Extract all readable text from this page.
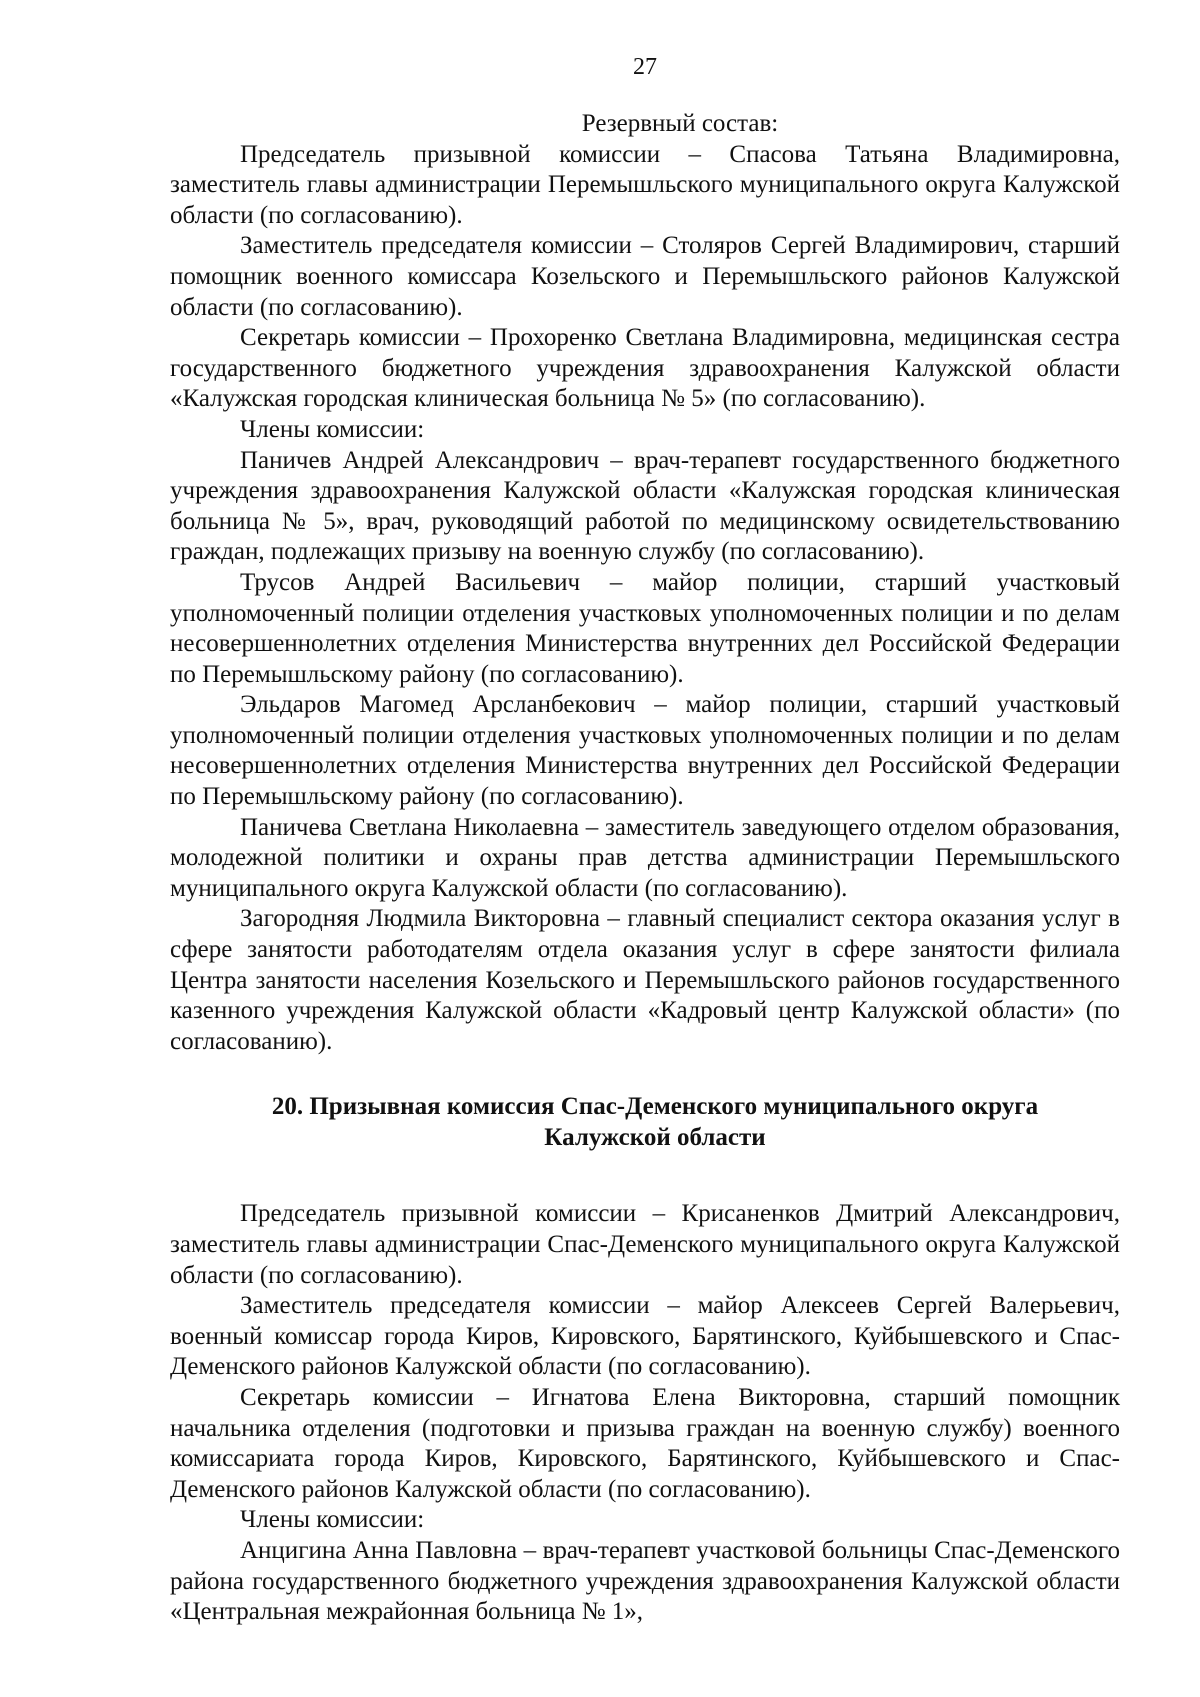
27

Резервный состав:

Председатель призывной комиссии – Спасова Татьяна Владимировна, заместитель главы администрации Перемышльского муниципального округа Калужской области (по согласованию).

Заместитель председателя комиссии – Столяров Сергей Владимирович, старший помощник военного комиссара Козельского и Перемышльского районов Калужской области (по согласованию).

Секретарь комиссии – Прохоренко Светлана Владимировна, медицинская сестра государственного бюджетного учреждения здравоохранения Калужской области «Калужская городская клиническая больница № 5» (по согласованию).

Члены комиссии:

Паничев Андрей Александрович – врач-терапевт государственного бюджетного учреждения здравоохранения Калужской области «Калужская городская клиническая больница № 5», врач, руководящий работой по медицинскому освидетельствованию граждан, подлежащих призыву на военную службу (по согласованию).

Трусов Андрей Васильевич – майор полиции, старший участковый уполномоченный полиции отделения участковых уполномоченных полиции и по делам несовершеннолетних отделения Министерства внутренних дел Российской Федерации по Перемышльскому району (по согласованию).

Эльдаров Магомед Арсланбекович – майор полиции, старший участковый уполномоченный полиции отделения участковых уполномоченных полиции и по делам несовершеннолетних отделения Министерства внутренних дел Российской Федерации по Перемышльскому району (по согласованию).

Паничева Светлана Николаевна – заместитель заведующего отделом образования, молодежной политики и охраны прав детства администрации Перемышльского муниципального округа Калужской области (по согласованию).

Загородняя Людмила Викторовна – главный специалист сектора оказания услуг в сфере занятости работодателям отдела оказания услуг в сфере занятости филиала Центра занятости населения Козельского и Перемышльского районов государственного казенного учреждения Калужской области «Кадровый центр Калужской области» (по согласованию).

20. Призывная комиссия Спас-Деменского муниципального округа
Калужской области

Председатель призывной комиссии – Крисаненков Дмитрий Александрович, заместитель главы администрации Спас-Деменского муниципального округа Калужской области (по согласованию).

Заместитель председателя комиссии – майор Алексеев Сергей Валерьевич, военный комиссар города Киров, Кировского, Барятинского, Куйбышевского и Спас-Деменского районов Калужской области (по согласованию).

Секретарь комиссии – Игнатова Елена Викторовна, старший помощник начальника отделения (подготовки и призыва граждан на военную службу) военного комиссариата города Киров, Кировского, Барятинского, Куйбышевского и Спас-Деменского районов Калужской области (по согласованию).

Члены комиссии:

Анцигина Анна Павловна – врач-терапевт участковой больницы Спас-Деменского района государственного бюджетного учреждения здравоохранения Калужской области «Центральная межрайонная больница № 1»,
